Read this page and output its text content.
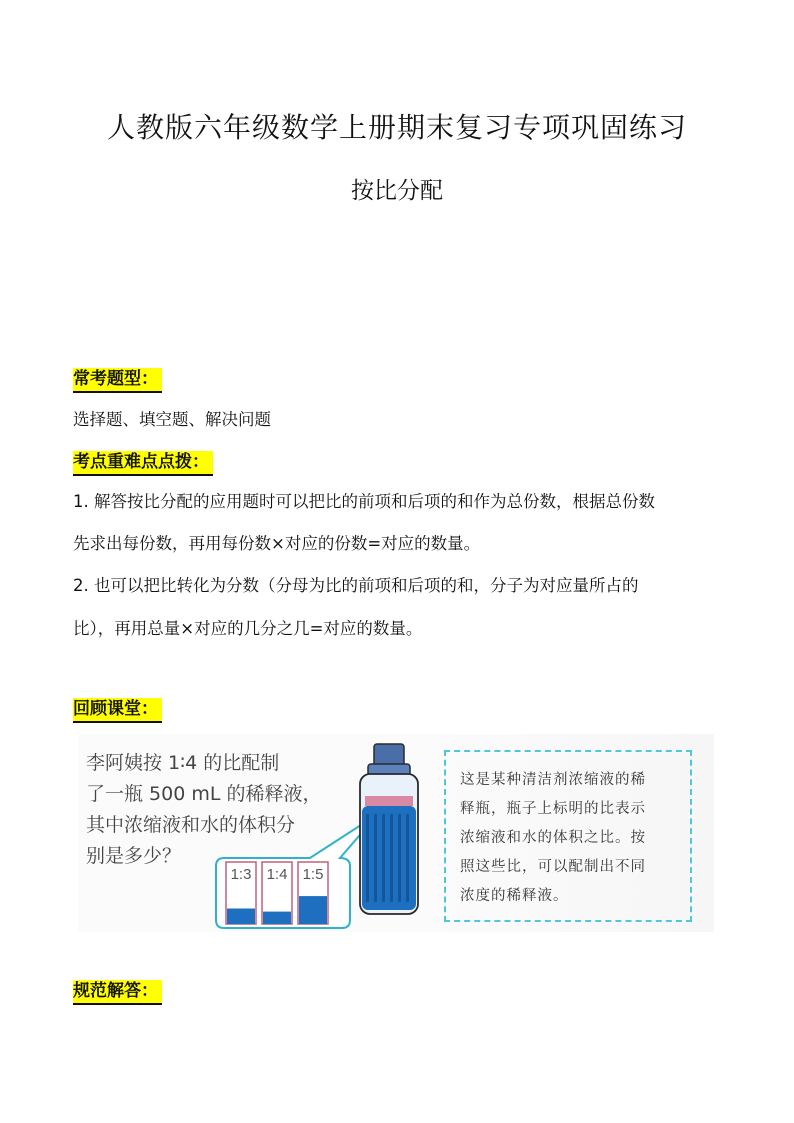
人教版六年级数学上册期末复习专项巩固练习
按比分配
常考题型：
选择题、填空题、解决问题
考点重难点点拨：
1. 解答按比分配的应用题时可以把比的前项和后项的和作为总份数，根据总份数
先求出每份数，再用每份数×对应的份数=对应的数量。
2. 也可以把比转化为分数（分母为比的前项和后项的和，分子为对应量所占的
比），再用总量×对应的几分之几=对应的数量。
回顾课堂：
李阿姨按 1∶4 的比配制
了一瓶 500 mL 的稀释液，
其中浓缩液和水的体积分
别是多少？
1:3 1:4 1:5
这是某种清洁剂浓缩液的稀
释瓶，瓶子上标明的比表示
浓缩液和水的体积之比。按
照这些比，可以配制出不同
浓度的稀释液。
规范解答：
